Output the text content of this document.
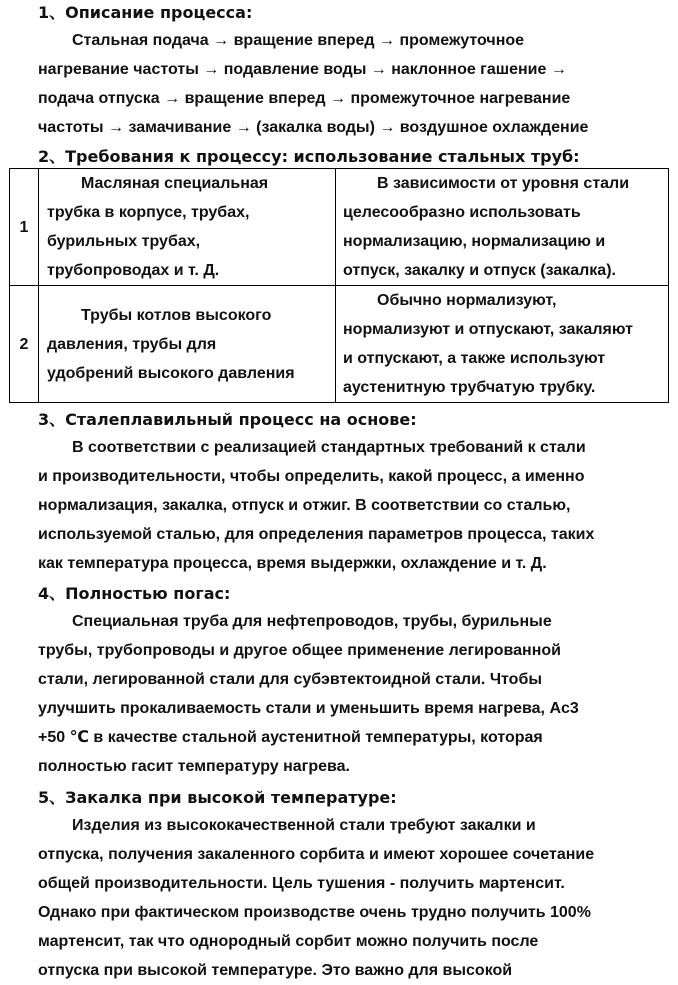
1、Описание процесса:
Стальная подача → вращение вперед → промежуточное
нагревание частоты → подавление воды → наклонное гашение →
подача отпуска → вращение вперед → промежуточное нагревание
частоты → замачивание → (закалка воды) → воздушное охлаждение
2、Требования к процессу: использование стальных труб:
1	Масляная специальная
трубка в корпусе, трубах,
бурильных трубах,
трубопроводах и т. Д.	В зависимости от уровня стали
целесообразно использовать
нормализацию, нормализацию и
отпуск, закалку и отпуск (закалка).

2	Трубы котлов высокого
давления, трубы для
удобрений высокого давления	Обычно нормализуют,
нормализуют и отпускают, закаляют
и отпускают, а также используют
аустенитную трубчатую трубку.
3、Сталеплавильный процесс на основе:
В соответствии с реализацией стандартных требований к стали
и производительности, чтобы определить, какой процесс, а именно
нормализация, закалка, отпуск и отжиг. В соответствии со сталью,
используемой сталью, для определения параметров процесса, таких
как температура процесса, время выдержки, охлаждение и т. Д.
4、Полностью погас:
Специальная труба для нефтепроводов, трубы, бурильные
трубы, трубопроводы и другое общее применение легированной
стали, легированной стали для субэвтектоидной стали. Чтобы
улучшить прокаливаемость стали и уменьшить время нагрева, Ac3
+50 ℃ в качестве стальной аустенитной температуры, которая
полностью гасит температуру нагрева.
5、Закалка при высокой температуре:
Изделия из высококачественной стали требуют закалки и
отпуска, получения закаленного сорбита и имеют хорошее сочетание
общей производительности. Цель тушения - получить мартенсит.
Однако при фактическом производстве очень трудно получить 100%
мартенсит, так что однородный сорбит можно получить после
отпуска при высокой температуре. Это важно для высокой
